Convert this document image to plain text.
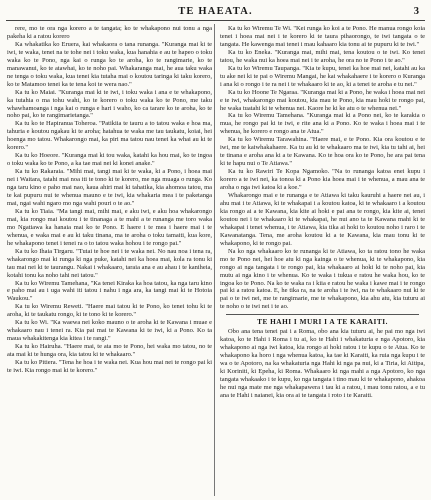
TE HAEATA.	3

rere, mo te ora nga korero a te tangata; ko te whakapono nui tonu a nga pakeha ki a ratou korero

Ka whakatika ko Eruera, kai whakaora o tana runanga. "Kuranga mai ki te iwi, te waka, tenei na te tohe nei i toku waka, kua hanahia e au te hapeo o toku waka ko te Pono, nga kai o runga ko te aroha, ko te rangimarie, ko te manawanui, ko te atawhai, ko te noho pai. Whakaranga mai, he aua taku waka ne tenga o toku waka, kua tenei kia tutaha mai o koutou taringa ki taku korero, ko te Matamoo tenei ka te tena koi te wera nao."

Ka tu ko Maiai. "Kuranga mai ki te iwi, i toku waka i ana e te whakapono, ka tutahia o ma tohu wahi, ko te korero o toku waka ko te Pono, me taku whawhamoanga i nga kai o runga e hari i waho, ko ca tarare ko te aroha, ko te noho pai, ko te rangimarietanga."

Ka tu ko te Hapiranua Toheroa. "Patikiia te tauru a to tatou waka e hoa ma, tahuria e koutou ngakau ki te aroha; hatahua te waka me tau taukatu, koiai, hei hoenga mo tatou. Whakarongo mai, ka piri ma tatou nau tenei ka whai au ki te korero."

Ka tu ko Hoeore. "Kuranga mai ki tou waka, katahi ka hou mai, ko te ingoa o toku waka ko te Pono, a ka tae mai nei ki konei anake."

Ka tu ko Rakaraia. "Mihi mai, tangi mai ki te waka, ki a Pono, i hoea mai nei i Waitara, tatahi mai noa iti te tono ki te korero, me nga muaga o runga. Ko nga taru kino e paho mai nao, kaua ahiri mai ki tahatika, kia ahomoa tatou, ma te kai pupuru nui te whenua mauno e te iwi, kia whakaria mea i te paketanga mai, ngai wahi ngaro mo nga wahi pouri o te ao."

Ka tu ko Tiaia. "Ma tangi mai, mihi mai, e aku iwi, e aku hoa whakarongo mai, kia rongo mai koutou i te tinanaga a te mahi a te runanga me toro waka mo Ngatiawa ka hanaia mai ko te Pono. E haere i te mea i haere mai i te whenua, e waka mai e au ki taku tinana, ma te aroha o toku tamaiti, kua kore, he whakapono tenei i tenei ra o to tatou waka hohou i te rongo pai."

Ka tu ko Ihaia Tirgaru. "Tutai te hoe nei i te waka nei. No nau noa i tena ra, whakarongo mai ki runga ki nga puke, katahi nei ka hoea mai, kola ra tonu ki tau mai nei ki te taurangu. Nakai i whakaaro, taraia ana e au ahau i te kaniheia, kotahi tonu ka noho tahi nei tatou."

Ka tu ko Wiremu Tamehana, "Ka tenei Kiraka ka hoa tatou, ka nga taru kino e paho mai au i uga wahi iti tatou i nahu i nga ara, ka tangi mai ki te Hotoia Waukou."

Ka tu ko Wiremu Reweti. "Haere mai tatou ki te Pono, ko tenei tohu ki te aroha, ki te taukatu rongo, ki te tono ki te korero."

Ka tu ko Wi. "Ka waewa nei koko mauno o te aroha ki te Kawana i muae e whakaaro nau i tenei ra. Kia pai mai te Kawana ki te iwi, ki a Pono. Ko ta maua whakakitenga kia kitea i te rangi."

Ka tu ko Hairuha. "Haere mai, te ata mo te Pono, hei waka mo tatou, no te ata mai ki te hunga ora, kia tatou ki te whakaaro."

Ka tu ko Pitiera. "Tena he hoa i te waka nei. Kua hou mai nei te rongo pai ki te iwi. Kia rongo mai ki te korero."

Ka tu ko Wiremu Te Wi. "Kei runga ko koi a te Pono. He manua rongo koia tenei i hoea mai nei i te korero ki te taura pihaorongo, te iwi tangata o te tangata. He kawenga mai tenei i mau kahaaro kia tonu ai te pupuru ki te iwi."

Ka tu ko Eneka. "Kuranga mai, mihi mai, tena koutou o te iwi. Ko tenei tatou, he waka nui ka hoea mai nei i te aroha, he ora no te Pono i te ao."

Ka tu ko Wiremu Taupanga. "Kia te kupu, tenei ka hoe mai nei, katahi au ka tu ake nei ki te pai o Wiremu Mangai, he kai whakahaere i te korero o Kuranga i ana ki o rongo i te ra nei i te whakaaro ki te ao, ki a tenei te aroha e tu nei."

Ka tu ko Hoone Te Ngaraa. "Kuranga mai ki a Pono, he waka i hoea mai nei e te iwi, whakarongo mai koutou, kia mau te Pono, kia mau hoki te rongo pai, he waka tuatahi ki te whenua nei. Kaore he ki ke atu o te whenua nei."

Ka tu ko Wiremu Tamehana. "Kuranga mai ki a Pono nei, ko te karakia o mua, he rongo pai ki te iwi, e rite ana ki a Pono. Ko te waka i hoea mai i te whenua, he korero e rongo ana te Atua."

Ka tu ko Wiremu Tarawahina. "Haere mai, e te Pono. Kia ora koutou e te iwi, me te kaiwhakahaere. Ka tu au ki te whakaaro ma te iwi, kia tu tahi ai, hei te tinana e aroha ana ki a te Kawana. Ko te hoa ora ko te Pono, he ara pai tena ki te hapu nui o Te Atiawa."

Ka tu ko Rawiri Te Kopa Ngamoko. "Na to runanga katoa enei kupu i korero a te iwi nei, ka tonoa ki a Pono kia hoea mai i te whenua, a mau ana te aroha o nga iwi katoa ki a koe."

Whakarongo mai e te runanga e te Atiawa ki taku kauruhi a haere nei au, i ahu mai i te Atiawa, ki te whakapai i a koutou katoa, ki te whakaaro i a koutou kia rongo ai a te Kawana, kia kite ai hoki e pai ana te rongo, kia kite ai, tenei koutou nei i te whakaaro ki te whakapai, he nui ano ta te Kawana mahi ki te whakapai i tenei whenua, i te Atiawa, kia tika ai hoki to koutou noho i raro i te Kawanatanga. Tena, me aroha koutou ki a te Kawana, kia mau tonu ki te whakapono, ki te rongo pai.

Na ko nga whakaaro ko te runanga ki te Atiawa, ko ta ratou tono he waka mo te Pono nei, hei hoe atu ki nga kainga o te whenua, ki te whakapono, kia rongo ai nga tangata i te rongo pai, kia whakaaro ai hoki ki te noho pai, kia mutu ai nga kino i te whenua. Ko te waka i tukua e ratou he waka hou, ko te ingoa ko te Pono. Na ko te waka ra i kiia e ratou he waka i kawe mai i te rongo pai ki a ratou katoa. E, he tika ra, na te aroha i te iwi, na te whakaaro nui ki te pai o te iwi nei, me te rangimarie, me te whakapono, kia ahu atu, kia tuturu ai te noho o te iwi nei i te ao.

TE HAHI I MURI I A TE KARAITI.

Obo ana tena tenei pai i a Roma, obo ana kia tuturu ai, he pai mo nga iwi katoa, ko te Hahi i Roma i tu ai, ko te Hahi i whakaturia e nga Apotoro, kia whakapono ai nga iwi katoa, kia rongo ai hoki ratou i te kupu o te Atua. Ko te whakapono ka horo i nga whenua katoa, ka tae ki Karaiti, ka ruia nga kupu i te wa o te Apotoro, na ka whakaturia nga Hahi ki nga pa nui, ki a Tiria, ki Aitipa, ki Koriniti, ki Epeha, ki Roma. Whakaaro ki nga mahi a nga Apotoro, ko nga tangata whakaako i te kupu, ko nga tangata i tino mau ki te whakapono, ahakoa he nui nga mate me nga whakapawera i tau ki a ratou, i mau tonu ratou, a e tu ana te Hahi i naianei, kia ora ai te tangata i roto i te Karaiti.
